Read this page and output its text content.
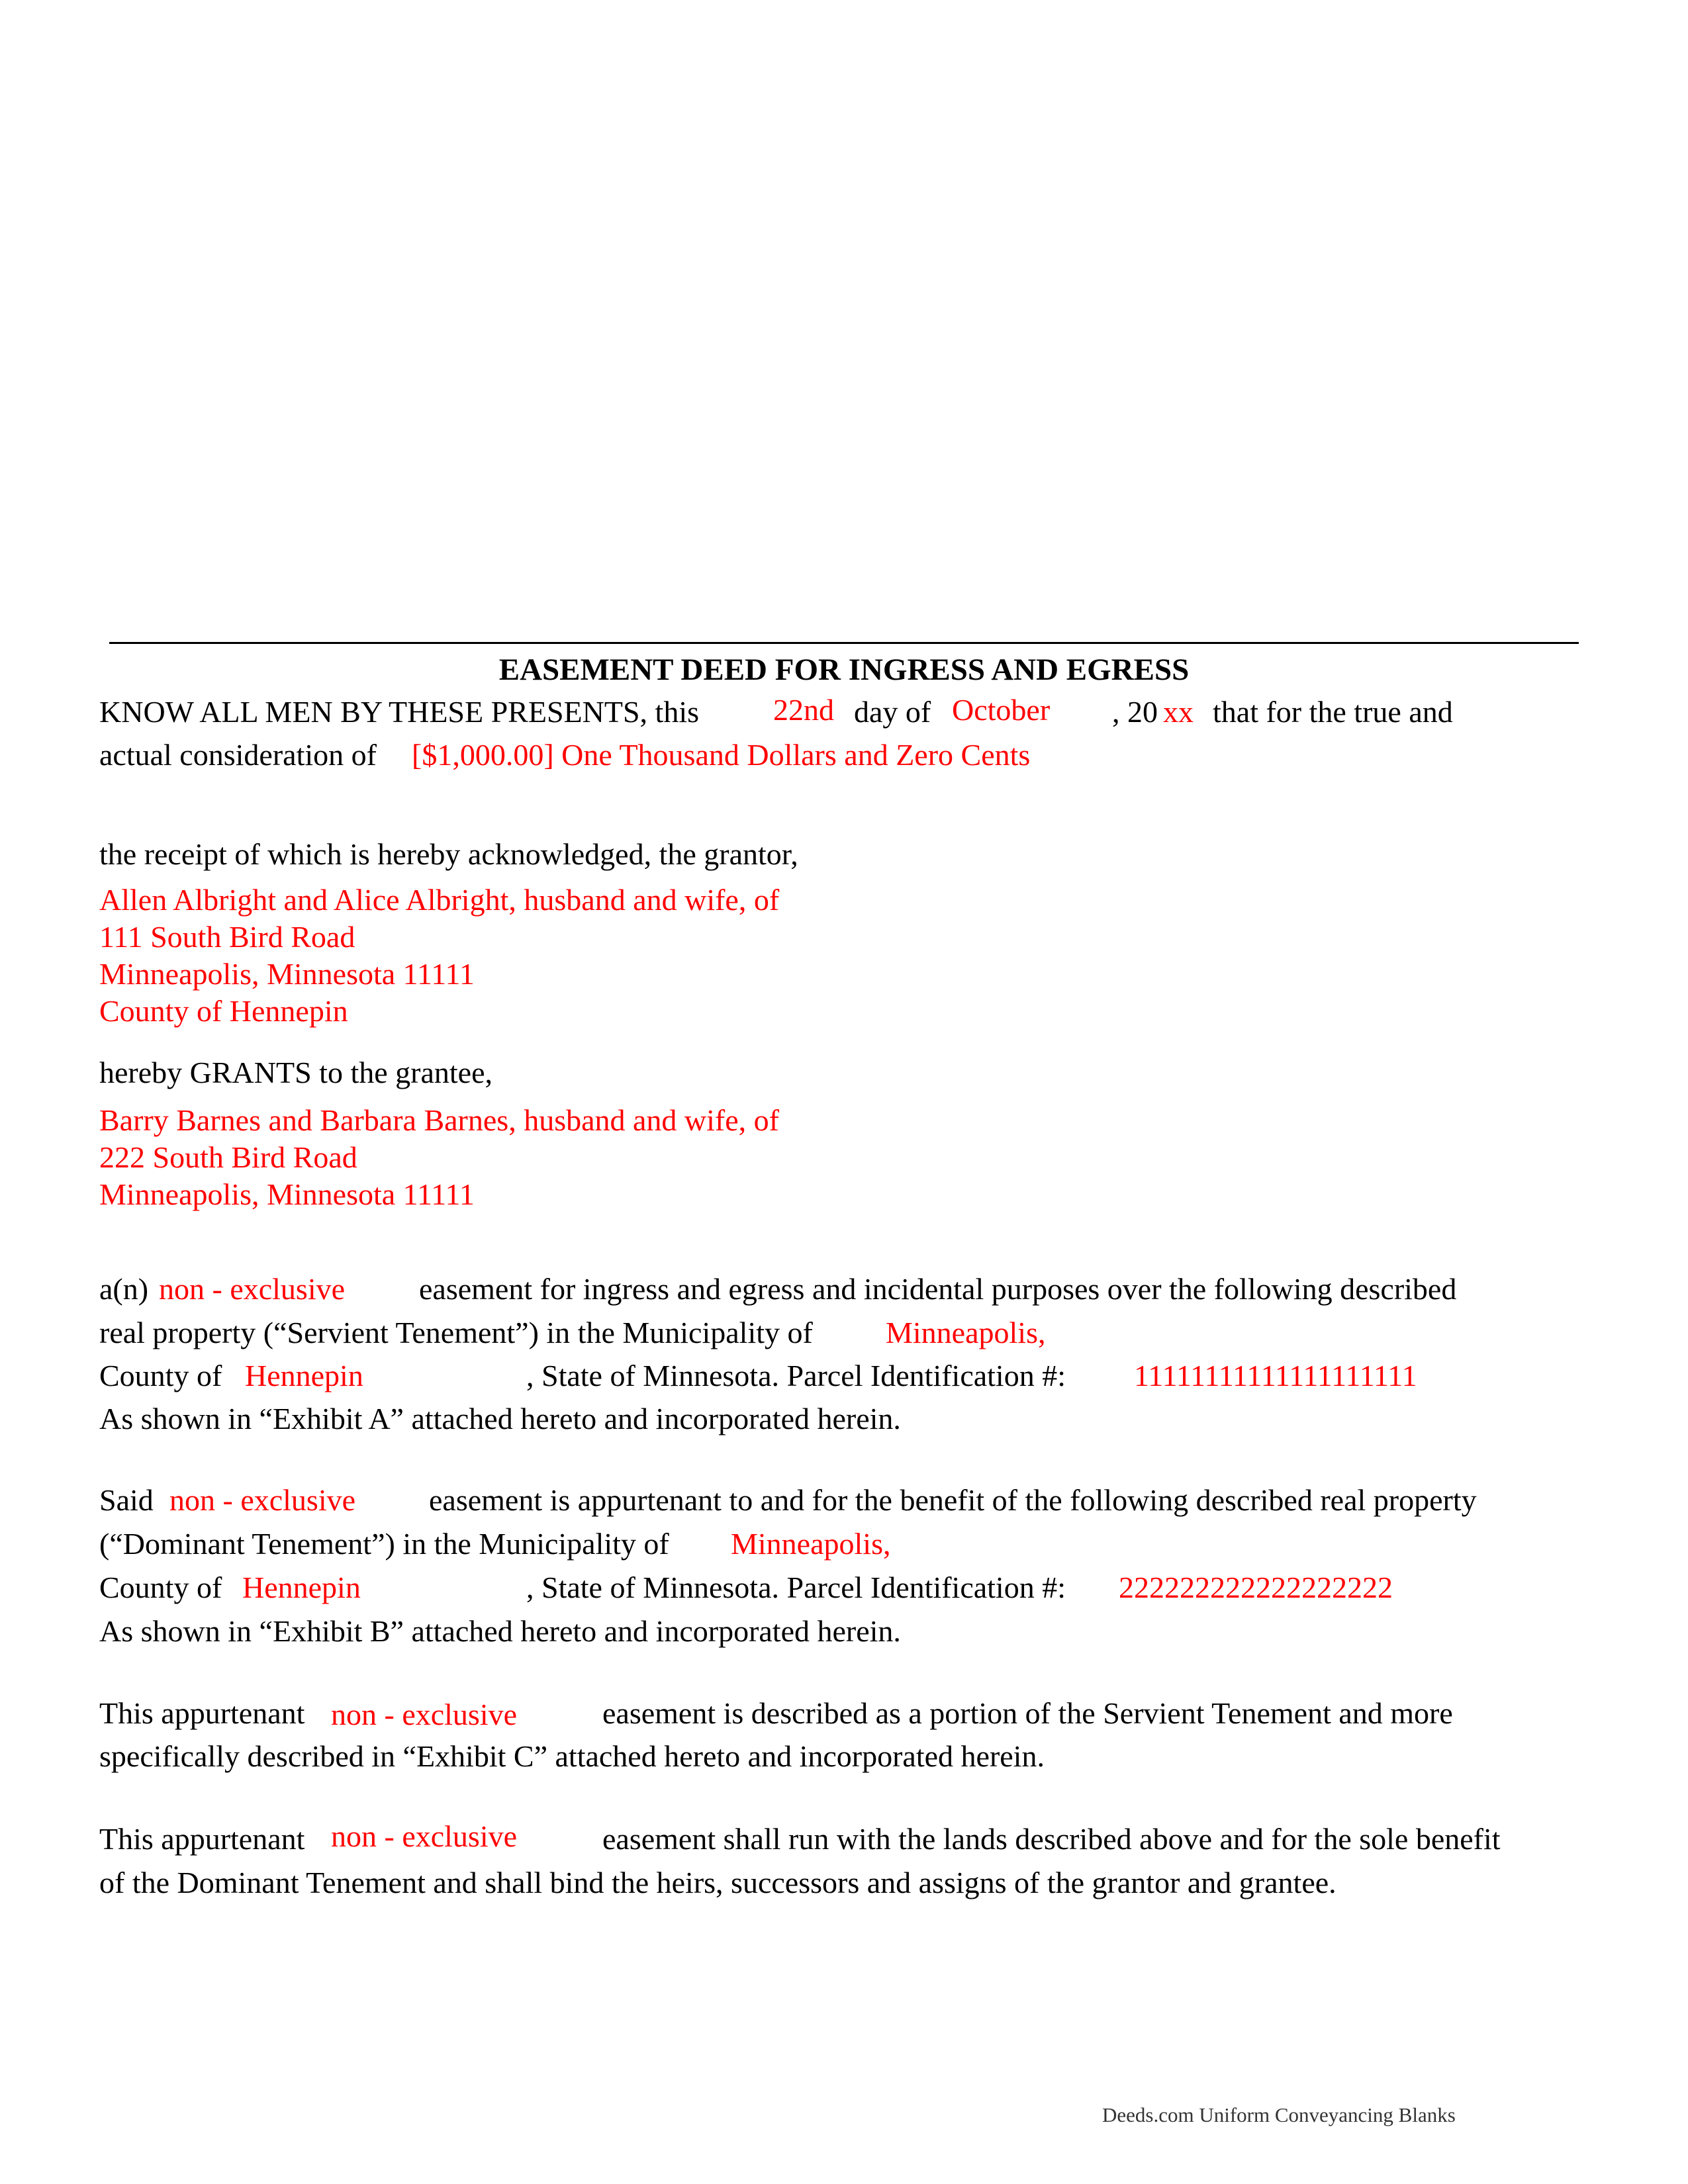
EASEMENT DEED FOR INGRESS AND EGRESS
KNOW ALL MEN BY THESE PRESENTS, this 22nd day of October , 20 xx that for the true and
actual consideration of [$1,000.00] One Thousand Dollars and Zero Cents
the receipt of which is hereby acknowledged, the grantor,
Allen Albright and Alice Albright, husband and wife, of
111 South Bird Road
Minneapolis, Minnesota 11111
County of Hennepin
hereby GRANTS to the grantee,
Barry Barnes and Barbara Barnes, husband and wife, of
222 South Bird Road
Minneapolis, Minnesota 11111
a(n) non - exclusive easement for ingress and egress and incidental purposes over the following described
real property (“Servient Tenement”) in the Municipality of Minneapolis,
County of Hennepin	, State of Minnesota. Parcel Identification #: 11111111111111111111
As shown in “Exhibit A” attached hereto and incorporated herein.
Said non - exclusive easement is appurtenant to and for the benefit of the following described real property
(“Dominant Tenement”) in the Municipality of Minneapolis,
County of Hennepin	, State of Minnesota. Parcel Identification #: 222222222222222222
As shown in “Exhibit B” attached hereto and incorporated herein.
This appurtenant non - exclusive	easement is described as a portion of the Servient Tenement and more
specifically described in “Exhibit C” attached hereto and incorporated herein.
This appurtenant non - exclusive	easement shall run with the lands described above and for the sole benefit
of the Dominant Tenement and shall bind the heirs, successors and assigns of the grantor and grantee.
Deeds.com Uniform Conveyancing Blanks
